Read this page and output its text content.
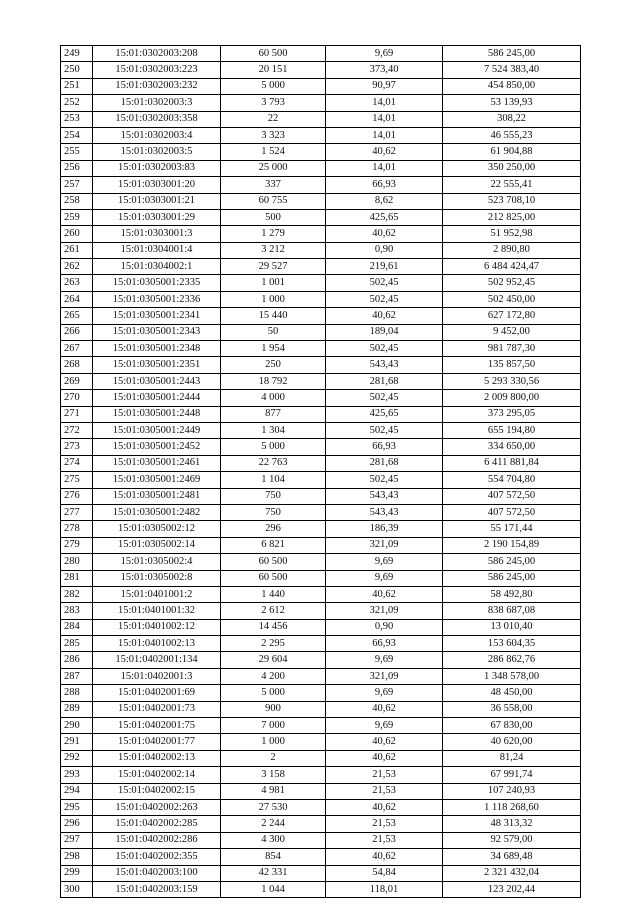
249	15:01:0302003:208	60 500	9,69	586 245,00
250	15:01:0302003:223	20 151	373,40	7 524 383,40
251	15:01:0302003:232	5 000	90,97	454 850,00
252	15:01:0302003:3	3 793	14,01	53 139,93
253	15:01:0302003:358	22	14,01	308,22
254	15:01:0302003:4	3 323	14,01	46 555,23
255	15:01:0302003:5	1 524	40,62	61 904,88
256	15:01:0302003:83	25 000	14,01	350 250,00
257	15:01:0303001:20	337	66,93	22 555,41
258	15:01:0303001:21	60 755	8,62	523 708,10
259	15:01:0303001:29	500	425,65	212 825,00
260	15:01:0303001:3	1 279	40,62	51 952,98
261	15:01:0304001:4	3 212	0,90	2 890,80
262	15:01:0304002:1	29 527	219,61	6 484 424,47
263	15:01:0305001:2335	1 001	502,45	502 952,45
264	15:01:0305001:2336	1 000	502,45	502 450,00
265	15:01:0305001:2341	15 440	40,62	627 172,80
266	15:01:0305001:2343	50	189,04	9 452,00
267	15:01:0305001:2348	1 954	502,45	981 787,30
268	15:01:0305001:2351	250	543,43	135 857,50
269	15:01:0305001:2443	18 792	281,68	5 293 330,56
270	15:01:0305001:2444	4 000	502,45	2 009 800,00
271	15:01:0305001:2448	877	425,65	373 295,05
272	15:01:0305001:2449	1 304	502,45	655 194,80
273	15:01:0305001:2452	5 000	66,93	334 650,00
274	15:01:0305001:2461	22 763	281,68	6 411 881,84
275	15:01:0305001:2469	1 104	502,45	554 704,80
276	15:01:0305001:2481	750	543,43	407 572,50
277	15:01:0305001:2482	750	543,43	407 572,50
278	15:01:0305002:12	296	186,39	55 171,44
279	15:01:0305002:14	6 821	321,09	2 190 154,89
280	15:01:0305002:4	60 500	9,69	586 245,00
281	15:01:0305002:8	60 500	9,69	586 245,00
282	15:01:0401001:2	1 440	40,62	58 492,80
283	15:01:0401001:32	2 612	321,09	838 687,08
284	15:01:0401002:12	14 456	0,90	13 010,40
285	15:01:0401002:13	2 295	66,93	153 604,35
286	15:01:0402001:134	29 604	9,69	286 862,76
287	15:01:0402001:3	4 200	321,09	1 348 578,00
288	15:01:0402001:69	5 000	9,69	48 450,00
289	15:01:0402001:73	900	40,62	36 558,00
290	15:01:0402001:75	7 000	9,69	67 830,00
291	15:01:0402001:77	1 000	40,62	40 620,00
292	15:01:0402002:13	2	40,62	81,24
293	15:01:0402002:14	3 158	21,53	67 991,74
294	15:01:0402002:15	4 981	21,53	107 240,93
295	15:01:0402002:263	27 530	40,62	1 118 268,60
296	15:01:0402002:285	2 244	21,53	48 313,32
297	15:01:0402002:286	4 300	21,53	92 579,00
298	15:01:0402002:355	854	40,62	34 689,48
299	15:01:0402003:100	42 331	54,84	2 321 432,04
300	15:01:0402003:159	1 044	118,01	123 202,44
